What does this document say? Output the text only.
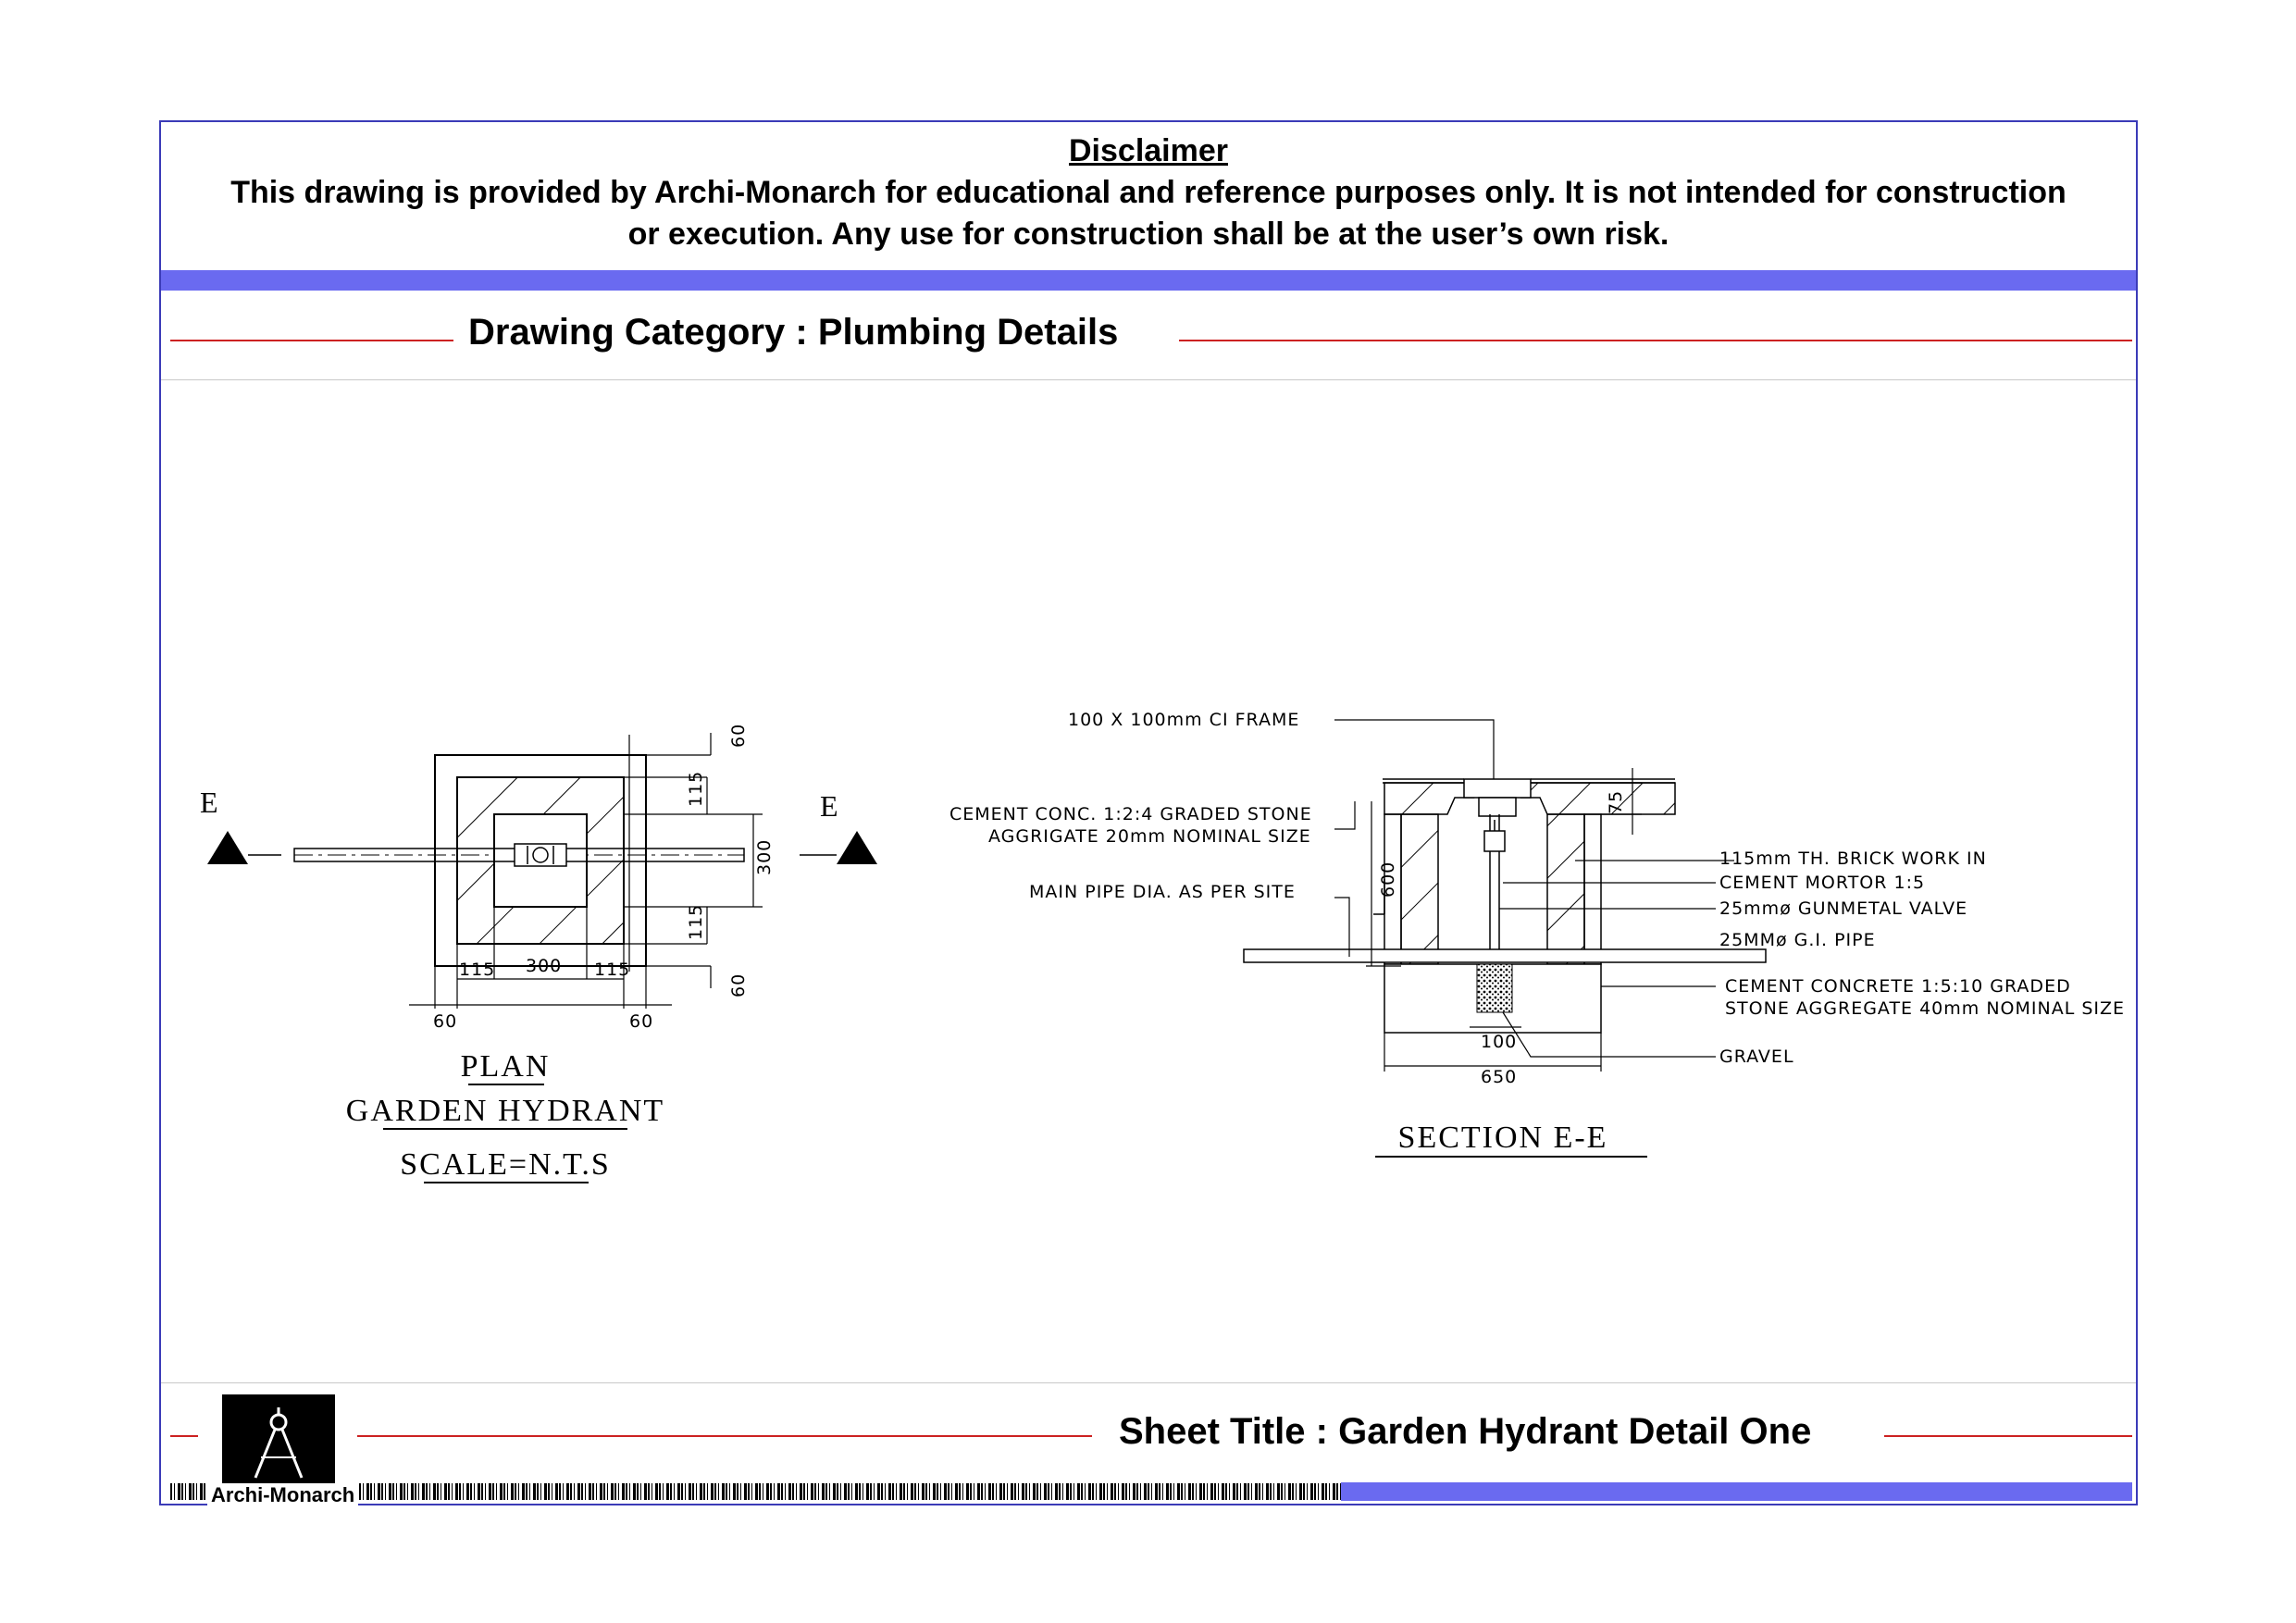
Disclaimer
This drawing is provided by Archi-Monarch for educational and reference purposes only. It is not intended for construction or execution. Any use for construction shall be at the user’s own risk.
Drawing Category : Plumbing Details
E	E
60
115
300
115
60
115 300 115
60	60
PLAN
GARDEN HYDRANT
SCALE=N.T.S
600
75
100
650
100 X 100mm CI FRAME
CEMENT CONC. 1:2:4 GRADED STONE
AGGRIGATE 20mm NOMINAL SIZE
MAIN PIPE DIA. AS PER SITE
115mm TH. BRICK WORK IN
CEMENT MORTOR 1:5
25mmø GUNMETAL VALVE
25MMø G.I. PIPE
CEMENT CONCRETE 1:5:10 GRADED
STONE AGGREGATE 40mm NOMINAL SIZE
GRAVEL
SECTION E-E
Sheet Title : Garden Hydrant Detail One
Archi-Monarch
